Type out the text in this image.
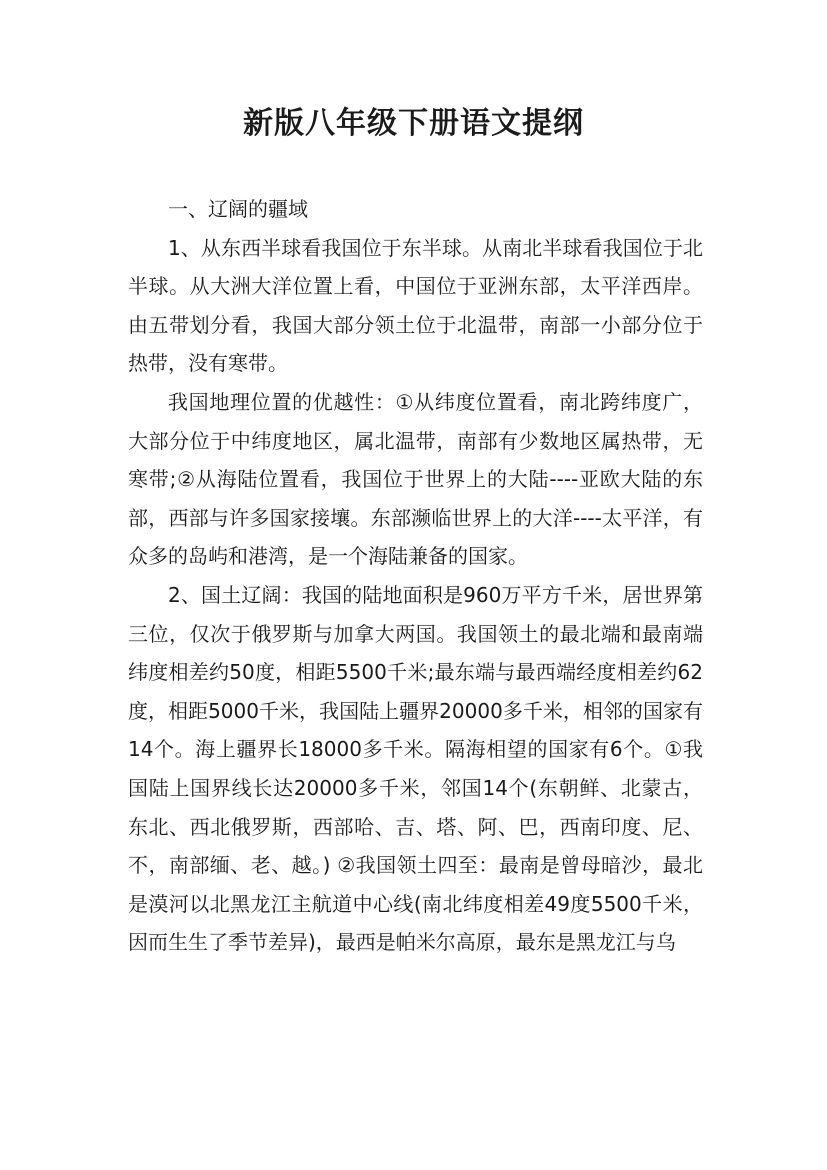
新版八年级下册语文提纲

一、辽阔的疆域

1、从东西半球看我国位于东半球。从南北半球看我国位于北半球。从大洲大洋位置上看，中国位于亚洲东部，太平洋西岸。由五带划分看，我国大部分领土位于北温带，南部一小部分位于热带，没有寒带。

我国地理位置的优越性：①从纬度位置看，南北跨纬度广，大部分位于中纬度地区，属北温带，南部有少数地区属热带，无寒带;②从海陆位置看，我国位于世界上的大陆----亚欧大陆的东部，西部与许多国家接壤。东部濒临世界上的大洋----太平洋，有众多的岛屿和港湾，是一个海陆兼备的国家。

2、国土辽阔：我国的陆地面积是960万平方千米，居世界第三位，仅次于俄罗斯与加拿大两国。我国领土的最北端和最南端纬度相差约50度，相距5500千米;最东端与最西端经度相差约62度，相距5000千米，我国陆上疆界20000多千米，相邻的国家有14个。海上疆界长18000多千米。隔海相望的国家有6个。①我国陆上国界线长达20000多千米，邻国14个(东朝鲜、北蒙古，东北、西北俄罗斯，西部哈、吉、塔、阿、巴，西南印度、尼、不，南部缅、老、越。) ②我国领土四至：最南是曾母暗沙，最北是漠河以北黑龙江主航道中心线(南北纬度相差49度5500千米，因而生生了季节差异)，最西是帕米尔高原，最东是黑龙江与乌
